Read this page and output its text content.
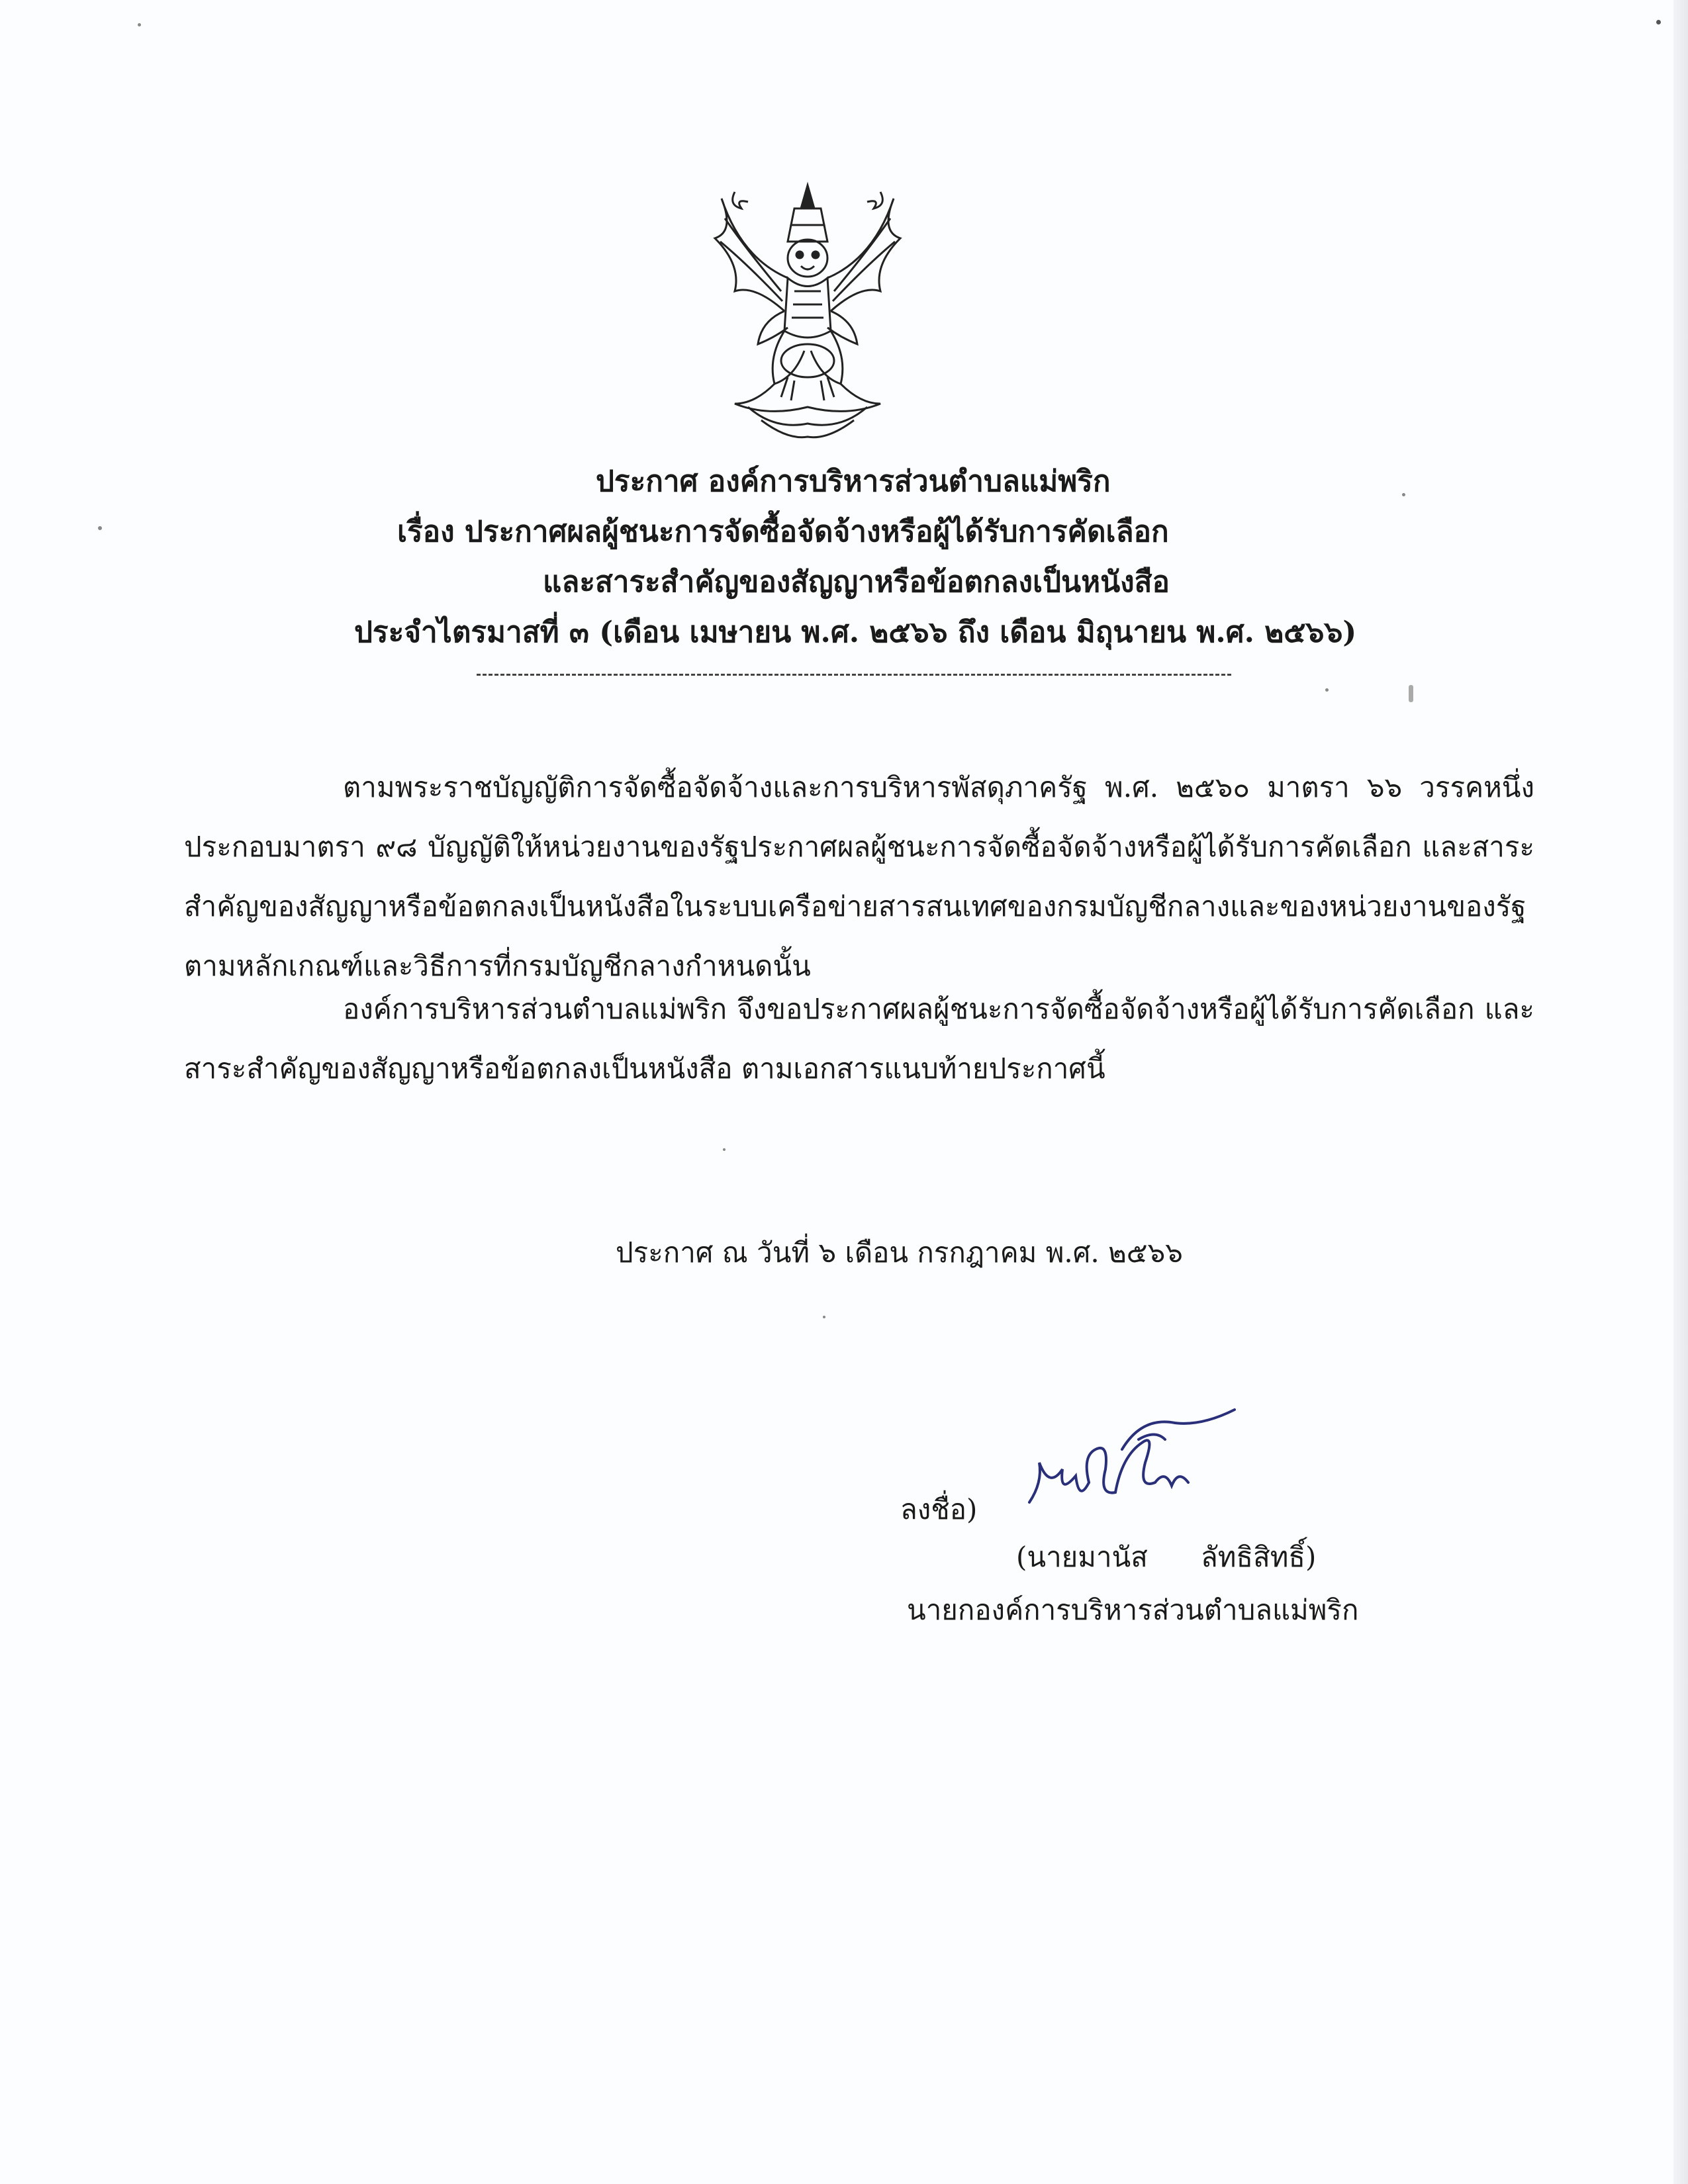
ประกาศ องค์การบริหารส่วนตำบลแม่พริก
เรื่อง ประกาศผลผู้ชนะการจัดซื้อจัดจ้างหรือผู้ได้รับการคัดเลือก
และสาระสำคัญของสัญญาหรือข้อตกลงเป็นหนังสือ
ประจำไตรมาสที่ ๓ (เดือน เมษายน พ.ศ. ๒๕๖๖ ถึง เดือน มิถุนายน พ.ศ. ๒๕๖๖)
ตามพระราชบัญญัติการจัดซื้อจัดจ้างและการบริหารพัสดุภาครัฐ พ.ศ. ๒๕๖๐ มาตรา ๖๖ วรรคหนึ่ง ประกอบมาตรา ๙๘ บัญญัติให้หน่วยงานของรัฐประกาศผลผู้ชนะการจัดซื้อจัดจ้างหรือผู้ได้รับการคัดเลือก และสาระสำคัญของสัญญาหรือข้อตกลงเป็นหนังสือในระบบเครือข่ายสารสนเทศของกรมบัญชีกลางและของหน่วยงานของรัฐตามหลักเกณฑ์และวิธีการที่กรมบัญชีกลางกำหนดนั้น
องค์การบริหารส่วนตำบลแม่พริก จึงขอประกาศผลผู้ชนะการจัดซื้อจัดจ้างหรือผู้ได้รับการคัดเลือก และสาระสำคัญของสัญญาหรือข้อตกลงเป็นหนังสือ ตามเอกสารแนบท้ายประกาศนี้
ประกาศ ณ วันที่ ๖ เดือน กรกฎาคม พ.ศ. ๒๕๖๖
ลงชื่อ)
(นายมานัส      ลัทธิสิทธิ์)
นายกองค์การบริหารส่วนตำบลแม่พริก
